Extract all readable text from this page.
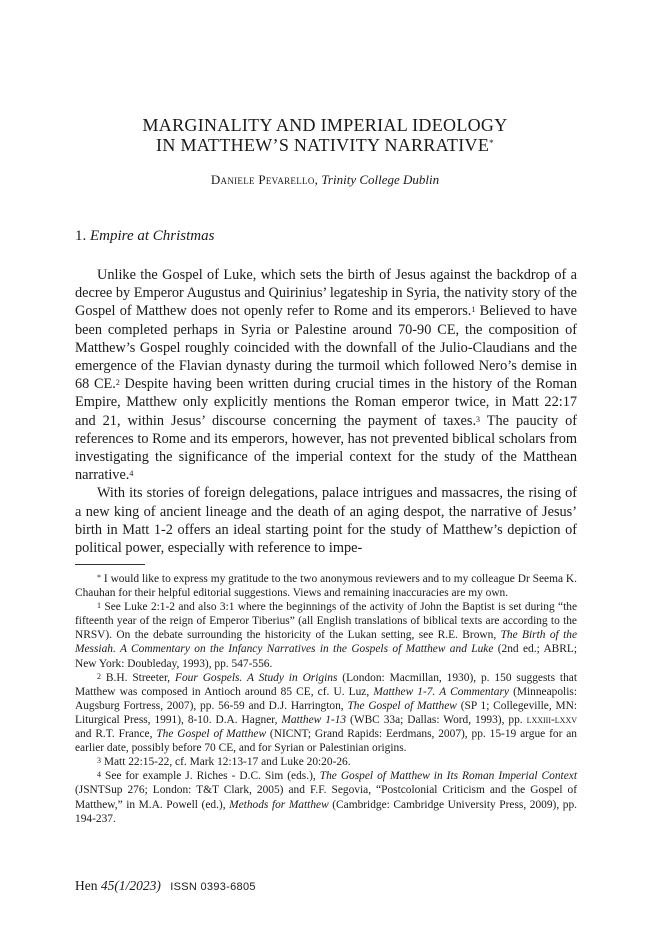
MARGINALITY AND IMPERIAL IDEOLOGY
IN MATTHEW’S NATIVITY NARRATIVE*
Daniele Pevarello, Trinity College Dublin
1. Empire at Christmas

Unlike the Gospel of Luke, which sets the birth of Jesus against the backdrop of a decree by Emperor Augustus and Quirinius’ legateship in Syria, the nativity story of the Gospel of Matthew does not openly refer to Rome and its emperors.$^1$ Believed to have been completed perhaps in Syria or Palestine around 70-90 CE, the composition of Matthew’s Gospel roughly coincided with the downfall of the Julio-Claudians and the emergence of the Flavian dynasty during the turmoil which followed Nero’s demise in 68 CE.$^2$ Despite having been written during crucial times in the history of the Roman Empire, Matthew only explicitly mentions the Roman emperor twice, in Matt 22:17 and 21, within Jesus’ discourse concerning the payment of taxes.$^3$ The paucity of references to Rome and its emperors, however, has not prevented biblical scholars from investigating the significance of the imperial context for the study of the Matthean narrative.$^4$

With its stories of foreign delegations, palace intrigues and massacres, the rising of a new king of ancient lineage and the death of an aging despot, the narrative of Jesus’ birth in Matt 1-2 offers an ideal starting point for the study of Matthew’s depiction of political power, especially with reference to impe-

* I would like to express my gratitude to the two anonymous reviewers and to my colleague Dr Seema K. Chauhan for their helpful editorial suggestions. Views and remaining inaccuracies are my own.

$^1$ See Luke 2:1-2 and also 3:1 where the beginnings of the activity of John the Baptist is set during “the fifteenth year of the reign of Emperor Tiberius” (all English translations of biblical texts are according to the NRSV). On the debate surrounding the historicity of the Lukan setting, see R.E. Brown, The Birth of the Messiah. A Commentary on the Infancy Narratives in the Gospels of Matthew and Luke (2nd ed.; ABRL; New York: Doubleday, 1993), pp. 547-556.

$^2$ B.H. Streeter, Four Gospels. A Study in Origins (London: Macmillan, 1930), p. 150 suggests that Matthew was composed in Antioch around 85 CE, cf. U. Luz, Matthew 1-7. A Commentary (Minneapolis: Augsburg Fortress, 2007), pp. 56-59 and D.J. Harrington, The Gospel of Matthew (SP 1; Collegeville, MN: Liturgical Press, 1991), 8-10. D.A. Hagner, Matthew 1-13 (WBC 33a; Dallas: Word, 1993), pp. lxxiii-lxxv and R.T. France, The Gospel of Matthew (NICNT; Grand Rapids: Eerdmans, 2007), pp. 15-19 argue for an earlier date, possibly before 70 CE, and for Syrian or Palestinian origins.

$^3$ Matt 22:15-22, cf. Mark 12:13-17 and Luke 20:20-26.

$^4$ See for example J. Riches - D.C. Sim (eds.), The Gospel of Matthew in Its Roman Imperial Context (JSNTSup 276; London: T&T Clark, 2005) and F.F. Segovia, “Postcolonial Criticism and the Gospel of Matthew,” in M.A. Powell (ed.), Methods for Matthew (Cambridge: Cambridge University Press, 2009), pp. 194-237.

Hen 45(1/2023) ISSN 0393-6805
